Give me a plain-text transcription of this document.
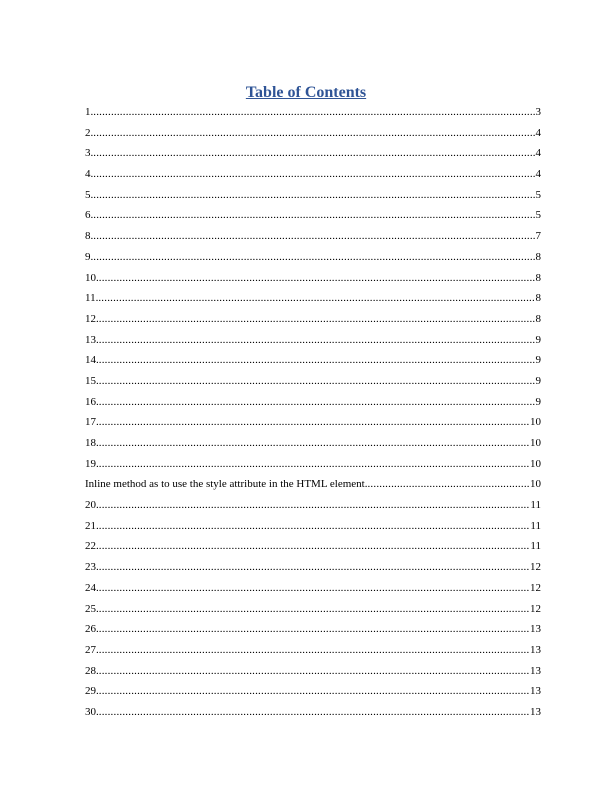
Table of Contents
1. .....	3
2. .....	4
3. .....	4
4. .....	4
5. .....	5
6. .....	5
8. .....	7
9. .....	8
10. .....	8
11. .....	8
12. .....	8
13. .....	9
14. .....	9
15. .....	9
16. .....	9
17. .....	10
18. .....	10
19. .....	10
Inline method as to use the style attribute in the HTML element. .....	10
20. .....	11
21. .....	11
22. .....	11
23. .....	12
24. .....	12
25. .....	12
26. .....	13
27. .....	13
28. .....	13
29. .....	13
30. .....	13
